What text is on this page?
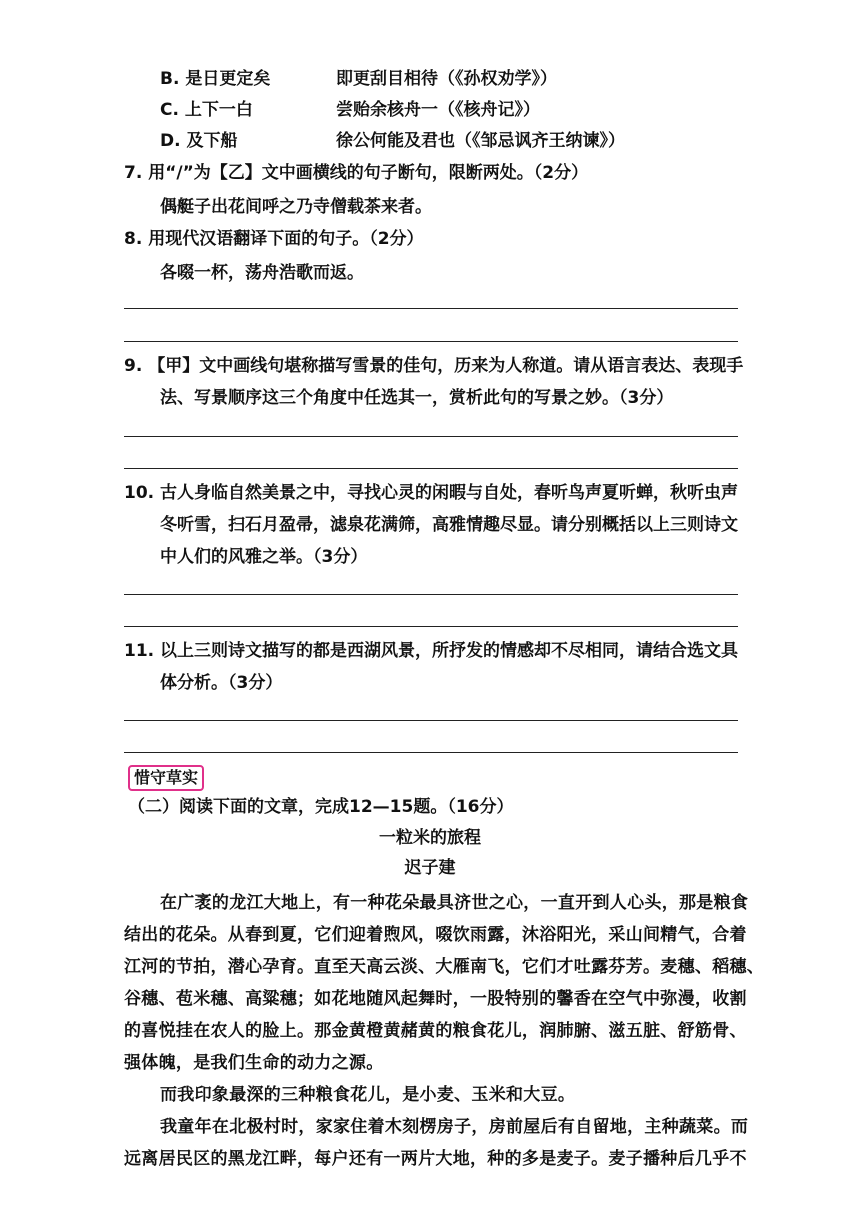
B. 是日更定矣	即更刮目相待（《孙权劝学》）
C. 上下一白	尝贻余核舟一（《核舟记》）
D. 及下船	徐公何能及君也（《邹忌讽齐王纳谏》）
7. 用“/”为【乙】文中画横线的句子断句，限断两处。（2分）
偶艇子出花间呼之乃寺僧载茶来者。
8. 用现代汉语翻译下面的句子。（2分）
各啜一杯，荡舟浩歌而返。
9. 【甲】文中画线句堪称描写雪景的佳句，历来为人称道。请从语言表达、表现手
法、写景顺序这三个角度中任选其一，赏析此句的写景之妙。（3分）
10. 古人身临自然美景之中，寻找心灵的闲暇与自处，春听鸟声夏听蝉，秋听虫声
冬听雪，扫石月盈帚，滤泉花满筛，高雅情趣尽显。请分别概括以上三则诗文
中人们的风雅之举。（3分）
11. 以上三则诗文描写的都是西湖风景，所抒发的情感却不尽相同，请结合选文具
体分析。（3分）
惜守草实
（二）阅读下面的文章，完成12—15题。（16分）
一粒米的旅程
迟子建
在广袤的龙江大地上，有一种花朵最具济世之心，一直开到人心头，那是粮食
结出的花朵。从春到夏，它们迎着煦风，啜饮雨露，沐浴阳光，采山间精气，合着
江河的节拍，潜心孕育。直至天高云淡、大雁南飞，它们才吐露芬芳。麦穗、稻穗、
谷穗、苞米穗、高粱穗；如花地随风起舞时，一股特别的馨香在空气中弥漫，收割
的喜悦挂在农人的脸上。那金黄橙黄赭黄的粮食花儿，润肺腑、滋五脏、舒筋骨、
强体魄，是我们生命的动力之源。
而我印象最深的三种粮食花儿，是小麦、玉米和大豆。
我童年在北极村时，家家住着木刻楞房子，房前屋后有自留地，主种蔬菜。而
远离居民区的黑龙江畔，每户还有一两片大地，种的多是麦子。麦子播种后几乎不
